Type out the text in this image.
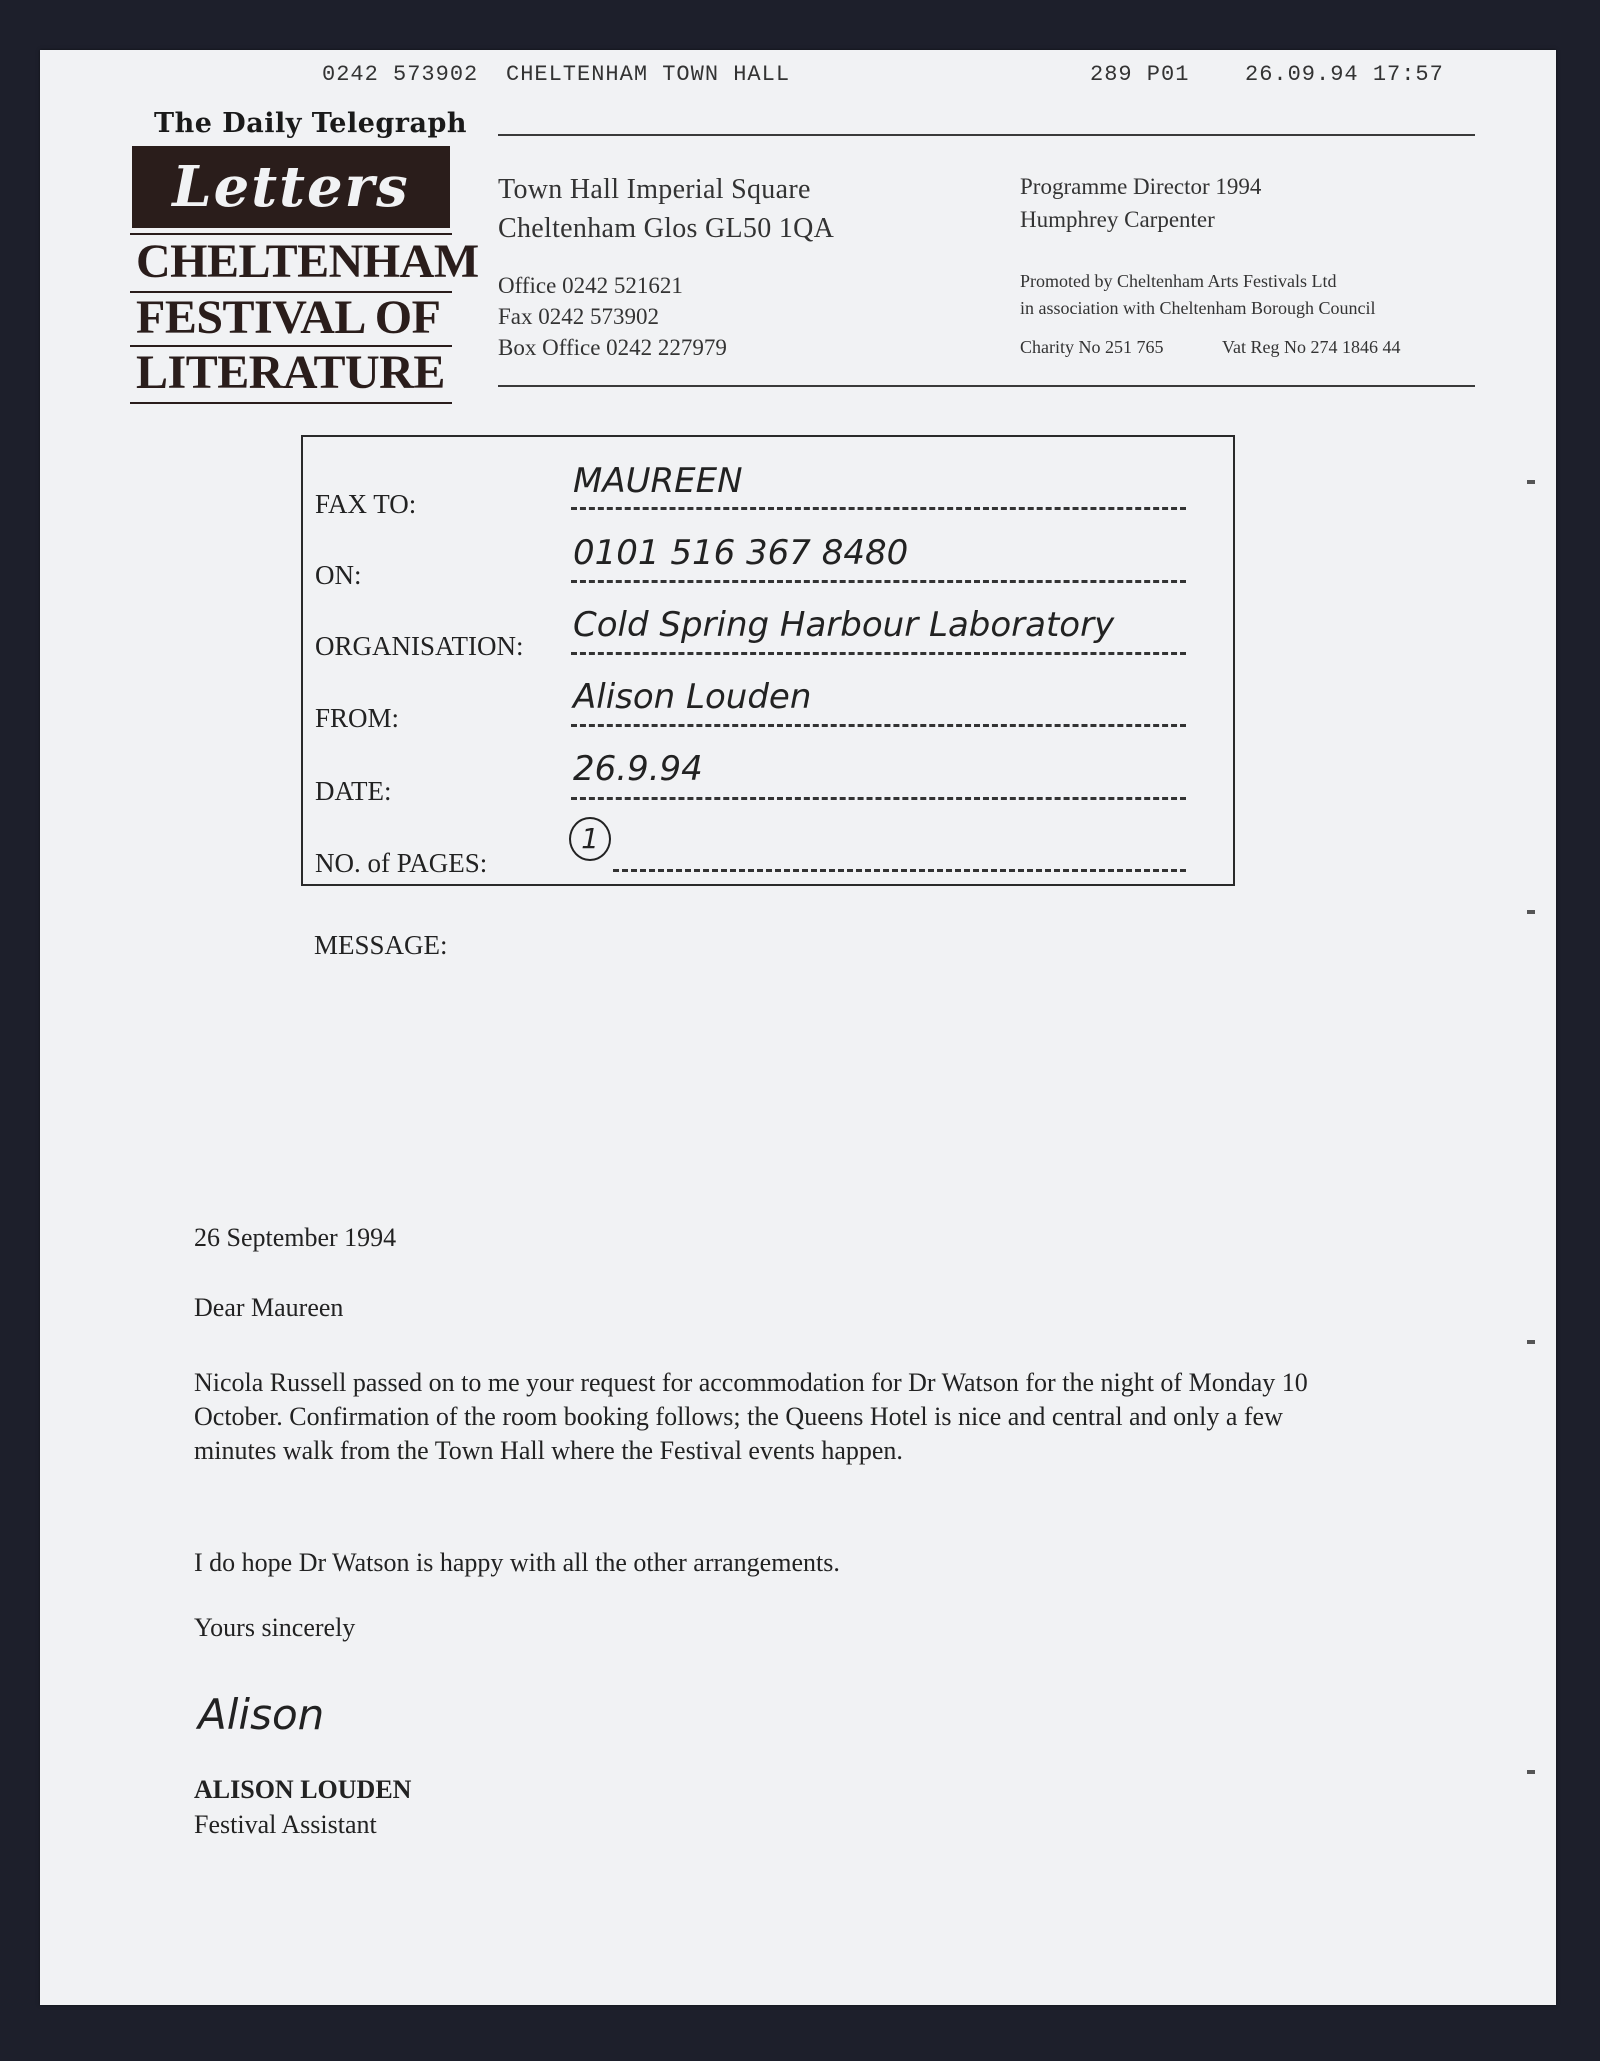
0242 573902 CHELTENHAM TOWN HALL	289 P01	26.09.94 17:57
The Daily Telegraph
Letters
CHELTENHAM
FESTIVAL OF
LITERATURE
Town Hall Imperial Square
Cheltenham Glos GL50 1QA
Office 0242 521621
Fax 0242 573902
Box Office 0242 227979
Programme Director 1994
Humphrey Carpenter
Promoted by Cheltenham Arts Festivals Ltd
in association with Cheltenham Borough Council
Charity No 251 765	Vat Reg No 274 1846 44
FAX TO:
MAUREEN
ON:
0101 516 367 8480
ORGANISATION:
Cold Spring Harbour Laboratory
FROM:
Alison Louden
DATE:
26.9.94
NO. of PAGES:
1
MESSAGE:
26 September 1994
Dear Maureen
Nicola Russell passed on to me your request for accommodation for Dr Watson for the night of Monday 10 October. Confirmation of the room booking follows; the Queens Hotel is nice and central and only a few minutes walk from the Town Hall where the Festival events happen.
I do hope Dr Watson is happy with all the other arrangements.
Yours sincerely
Alison
ALISON LOUDEN
Festival Assistant
